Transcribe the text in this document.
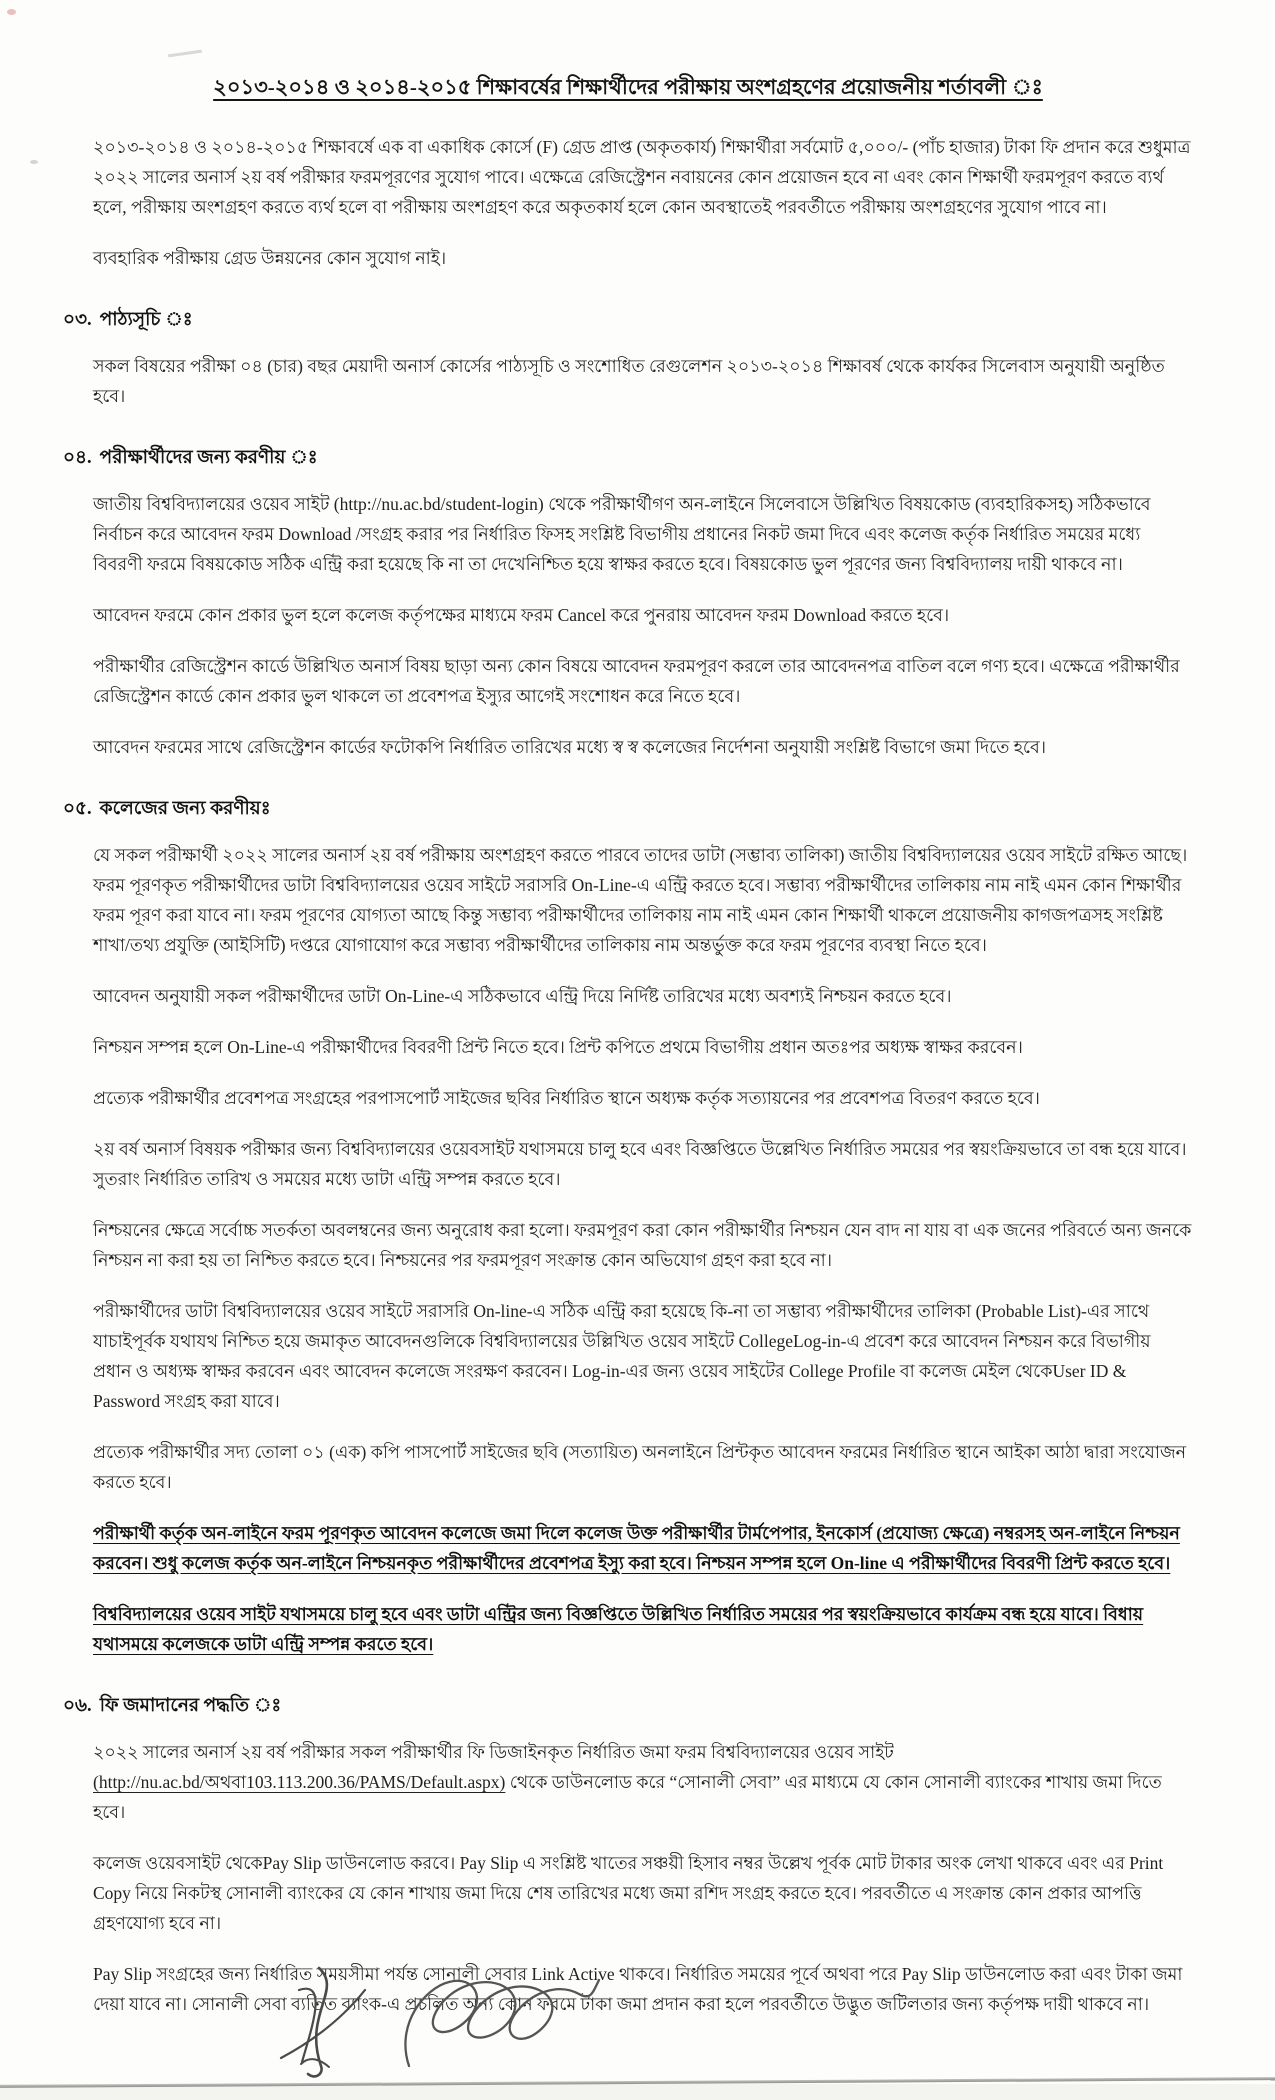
২০১৩-২০১৪ ও ২০১৪-২০১৫ শিক্ষাবর্ষের শিক্ষার্থীদের পরীক্ষায় অংশগ্রহণের প্রয়োজনীয় শর্তাবলী ঃ

২০১৩-২০১৪ ও ২০১৪-২০১৫ শিক্ষাবর্ষে এক বা একাধিক কোর্সে (F) গ্রেড প্রাপ্ত (অকৃতকার্য) শিক্ষার্থীরা সর্বমোট ৫,০০০/- (পাঁচ হাজার) টাকা ফি প্রদান করে শুধুমাত্র ২০২২ সালের অনার্স ২য় বর্ষ পরীক্ষার ফরমপূরণের সুযোগ পাবে। এক্ষেত্রে রেজিস্ট্রেশন নবায়নের কোন প্রয়োজন হবে না এবং কোন শিক্ষার্থী ফরমপূরণ করতে ব্যর্থ হলে, পরীক্ষায় অংশগ্রহণ করতে ব্যর্থ হলে বা পরীক্ষায় অংশগ্রহণ করে অকৃতকার্য হলে কোন অবস্থাতেই পরবর্তীতে পরীক্ষায় অংশগ্রহণের সুযোগ পাবে না।

ব্যবহারিক পরীক্ষায় গ্রেড উন্নয়নের কোন সুযোগ নাই।

০৩. পাঠ্যসূচি ঃ

সকল বিষয়ের পরীক্ষা ০৪ (চার) বছর মেয়াদী অনার্স কোর্সের পাঠ্যসূচি ও সংশোধিত রেগুলেশন ২০১৩-২০১৪ শিক্ষাবর্ষ থেকে কার্যকর সিলেবাস অনুযায়ী অনুষ্ঠিত হবে।

০৪. পরীক্ষার্থীদের জন্য করণীয় ঃ

জাতীয় বিশ্ববিদ্যালয়ের ওয়েব সাইট (http://nu.ac.bd/student-login) থেকে পরীক্ষার্থীগণ অন-লাইনে সিলেবাসে উল্লিখিত বিষয়কোড (ব্যবহারিকসহ) সঠিকভাবে নির্বাচন করে আবেদন ফরম Download /সংগ্রহ করার পর নির্ধারিত ফিসহ সংশ্লিষ্ট বিভাগীয় প্রধানের নিকট জমা দিবে এবং কলেজ কর্তৃক নির্ধারিত সময়ের মধ্যে বিবরণী ফরমে বিষয়কোড সঠিক এন্ট্রি করা হয়েছে কি না তা দেখেনিশ্চিত হয়ে স্বাক্ষর করতে হবে। বিষয়কোড ভুল পূরণের জন্য বিশ্ববিদ্যালয় দায়ী থাকবে না।

আবেদন ফরমে কোন প্রকার ভুল হলে কলেজ কর্তৃপক্ষের মাধ্যমে ফরম Cancel করে পুনরায় আবেদন ফরম Download করতে হবে।

পরীক্ষার্থীর রেজিস্ট্রেশন কার্ডে উল্লিখিত অনার্স বিষয় ছাড়া অন্য কোন বিষয়ে আবেদন ফরমপূরণ করলে তার আবেদনপত্র বাতিল বলে গণ্য হবে। এক্ষেত্রে পরীক্ষার্থীর রেজিস্ট্রেশন কার্ডে কোন প্রকার ভুল থাকলে তা প্রবেশপত্র ইস্যুর আগেই সংশোধন করে নিতে হবে।

আবেদন ফরমের সাথে রেজিস্ট্রেশন কার্ডের ফটোকপি নির্ধারিত তারিখের মধ্যে স্ব স্ব কলেজের নির্দেশনা অনুযায়ী সংশ্লিষ্ট বিভাগে জমা দিতে হবে।

০৫. কলেজের জন্য করণীয়ঃ

যে সকল পরীক্ষার্থী ২০২২ সালের অনার্স ২য় বর্ষ পরীক্ষায় অংশগ্রহণ করতে পারবে তাদের ডাটা (সম্ভাব্য তালিকা) জাতীয় বিশ্ববিদ্যালয়ের ওয়েব সাইটে রক্ষিত আছে। ফরম পূরণকৃত পরীক্ষার্থীদের ডাটা বিশ্ববিদ্যালয়ের ওয়েব সাইটে সরাসরি On-Line-এ এন্ট্রি করতে হবে। সম্ভাব্য পরীক্ষার্থীদের তালিকায় নাম নাই এমন কোন শিক্ষার্থীর ফরম পূরণ করা যাবে না। ফরম পূরণের যোগ্যতা আছে কিন্তু সম্ভাব্য পরীক্ষার্থীদের তালিকায় নাম নাই এমন কোন শিক্ষার্থী থাকলে প্রয়োজনীয় কাগজপত্রসহ সংশ্লিষ্ট শাখা/তথ্য প্রযুক্তি (আইসিটি) দপ্তরে যোগাযোগ করে সম্ভাব্য পরীক্ষার্থীদের তালিকায় নাম অন্তর্ভুক্ত করে ফরম পূরণের ব্যবস্থা নিতে হবে।

আবেদন অনুযায়ী সকল পরীক্ষার্থীদের ডাটা On-Line-এ সঠিকভাবে এন্ট্রি দিয়ে নির্দিষ্ট তারিখের মধ্যে অবশ্যই নিশ্চয়ন করতে হবে।

নিশ্চয়ন সম্পন্ন হলে On-Line-এ পরীক্ষার্থীদের বিবরণী প্রিন্ট নিতে হবে। প্রিন্ট কপিতে প্রথমে বিভাগীয় প্রধান অতঃপর অধ্যক্ষ স্বাক্ষর করবেন।

প্রত্যেক পরীক্ষার্থীর প্রবেশপত্র সংগ্রহের পরপাসপোর্ট সাইজের ছবির নির্ধারিত স্থানে অধ্যক্ষ কর্তৃক সত্যায়নের পর প্রবেশপত্র বিতরণ করতে হবে।

২য় বর্ষ অনার্স বিষয়ক পরীক্ষার জন্য বিশ্ববিদ্যালয়ের ওয়েবসাইট যথাসময়ে চালু হবে এবং বিজ্ঞপ্তিতে উল্লেখিত নির্ধারিত সময়ের পর স্বয়ংক্রিয়ভাবে তা বন্ধ হয়ে যাবে। সুতরাং নির্ধারিত তারিখ ও সময়ের মধ্যে ডাটা এন্ট্রি সম্পন্ন করতে হবে।

নিশ্চয়নের ক্ষেত্রে সর্বোচ্চ সতর্কতা অবলম্বনের জন্য অনুরোধ করা হলো। ফরমপূরণ করা কোন পরীক্ষার্থীর নিশ্চয়ন যেন বাদ না যায় বা এক জনের পরিবর্তে অন্য জনকে নিশ্চয়ন না করা হয় তা নিশ্চিত করতে হবে। নিশ্চয়নের পর ফরমপূরণ সংক্রান্ত কোন অভিযোগ গ্রহণ করা হবে না।

পরীক্ষার্থীদের ডাটা বিশ্ববিদ্যালয়ের ওয়েব সাইটে সরাসরি On-line-এ সঠিক এন্ট্রি করা হয়েছে কি-না তা সম্ভাব্য পরীক্ষার্থীদের তালিকা (Probable List)-এর সাথে যাচাইপূর্বক যথাযথ নিশ্চিত হয়ে জমাকৃত আবেদনগুলিকে বিশ্ববিদ্যালয়ের উল্লিখিত ওয়েব সাইটে CollegeLog-in-এ প্রবেশ করে আবেদন নিশ্চয়ন করে বিভাগীয় প্রধান ও অধ্যক্ষ স্বাক্ষর করবেন এবং আবেদন কলেজে সংরক্ষণ করবেন। Log-in-এর জন্য ওয়েব সাইটের College Profile বা কলেজ মেইল থেকেUser ID & Password সংগ্রহ করা যাবে।

প্রত্যেক পরীক্ষার্থীর সদ্য তোলা ০১ (এক) কপি পাসপোর্ট সাইজের ছবি (সত্যায়িত) অনলাইনে প্রিন্টকৃত আবেদন ফরমের নির্ধারিত স্থানে আইকা আঠা দ্বারা সংযোজন করতে হবে।

পরীক্ষার্থী কর্তৃক অন-লাইনে ফরম পূরণকৃত আবেদন কলেজে জমা দিলে কলেজ উক্ত পরীক্ষার্থীর টার্মপেপার, ইনকোর্স (প্রযোজ্য ক্ষেত্রে) নম্বরসহ অন-লাইনে নিশ্চয়ন করবেন। শুধু কলেজ কর্তৃক অন-লাইনে নিশ্চয়নকৃত পরীক্ষার্থীদের প্রবেশপত্র ইস্যু করা হবে। নিশ্চয়ন সম্পন্ন হলে On-line এ পরীক্ষার্থীদের বিবরণী প্রিন্ট করতে হবে।

বিশ্ববিদ্যালয়ের ওয়েব সাইট যথাসময়ে চালু হবে এবং ডাটা এন্ট্রির জন্য বিজ্ঞপ্তিতে উল্লিখিত নির্ধারিত সময়ের পর স্বয়ংক্রিয়ভাবে কার্যক্রম বন্ধ হয়ে যাবে। বিধায় যথাসময়ে কলেজকে ডাটা এন্ট্রি সম্পন্ন করতে হবে।

০৬. ফি জমাদানের পদ্ধতি ঃ

২০২২ সালের অনার্স ২য় বর্ষ পরীক্ষার সকল পরীক্ষার্থীর ফি ডিজাইনকৃত নির্ধারিত জমা ফরম বিশ্ববিদ্যালয়ের ওয়েব সাইট (http://nu.ac.bd/অথবা103.113.200.36/PAMS/Default.aspx) থেকে ডাউনলোড করে “সোনালী সেবা” এর মাধ্যমে যে কোন সোনালী ব্যাংকের শাখায় জমা দিতে হবে।

কলেজ ওয়েবসাইট থেকেPay Slip ডাউনলোড করবে। Pay Slip এ সংশ্লিষ্ট খাতের সঞ্চয়ী হিসাব নম্বর উল্লেখ পূর্বক মোট টাকার অংক লেখা থাকবে এবং এর Print Copy নিয়ে নিকটস্থ সোনালী ব্যাংকের যে কোন শাখায় জমা দিয়ে শেষ তারিখের মধ্যে জমা রশিদ সংগ্রহ করতে হবে। পরবর্তীতে এ সংক্রান্ত কোন প্রকার আপত্তি গ্রহণযোগ্য হবে না।

Pay Slip সংগ্রহের জন্য নির্ধারিত সময়সীমা পর্যন্ত সোনালী সেবার Link Active থাকবে। নির্ধারিত সময়ের পূর্বে অথবা পরে Pay Slip ডাউনলোড করা এবং টাকা জমা দেয়া যাবে না। সোনালী সেবা ব্যতিত ব্যাংক-এ প্রচলিত অন্য কোন ফরমে টাকা জমা প্রদান করা হলে পরবর্তীতে উদ্ভুত জটিলতার জন্য কর্তৃপক্ষ দায়ী থাকবে না।
